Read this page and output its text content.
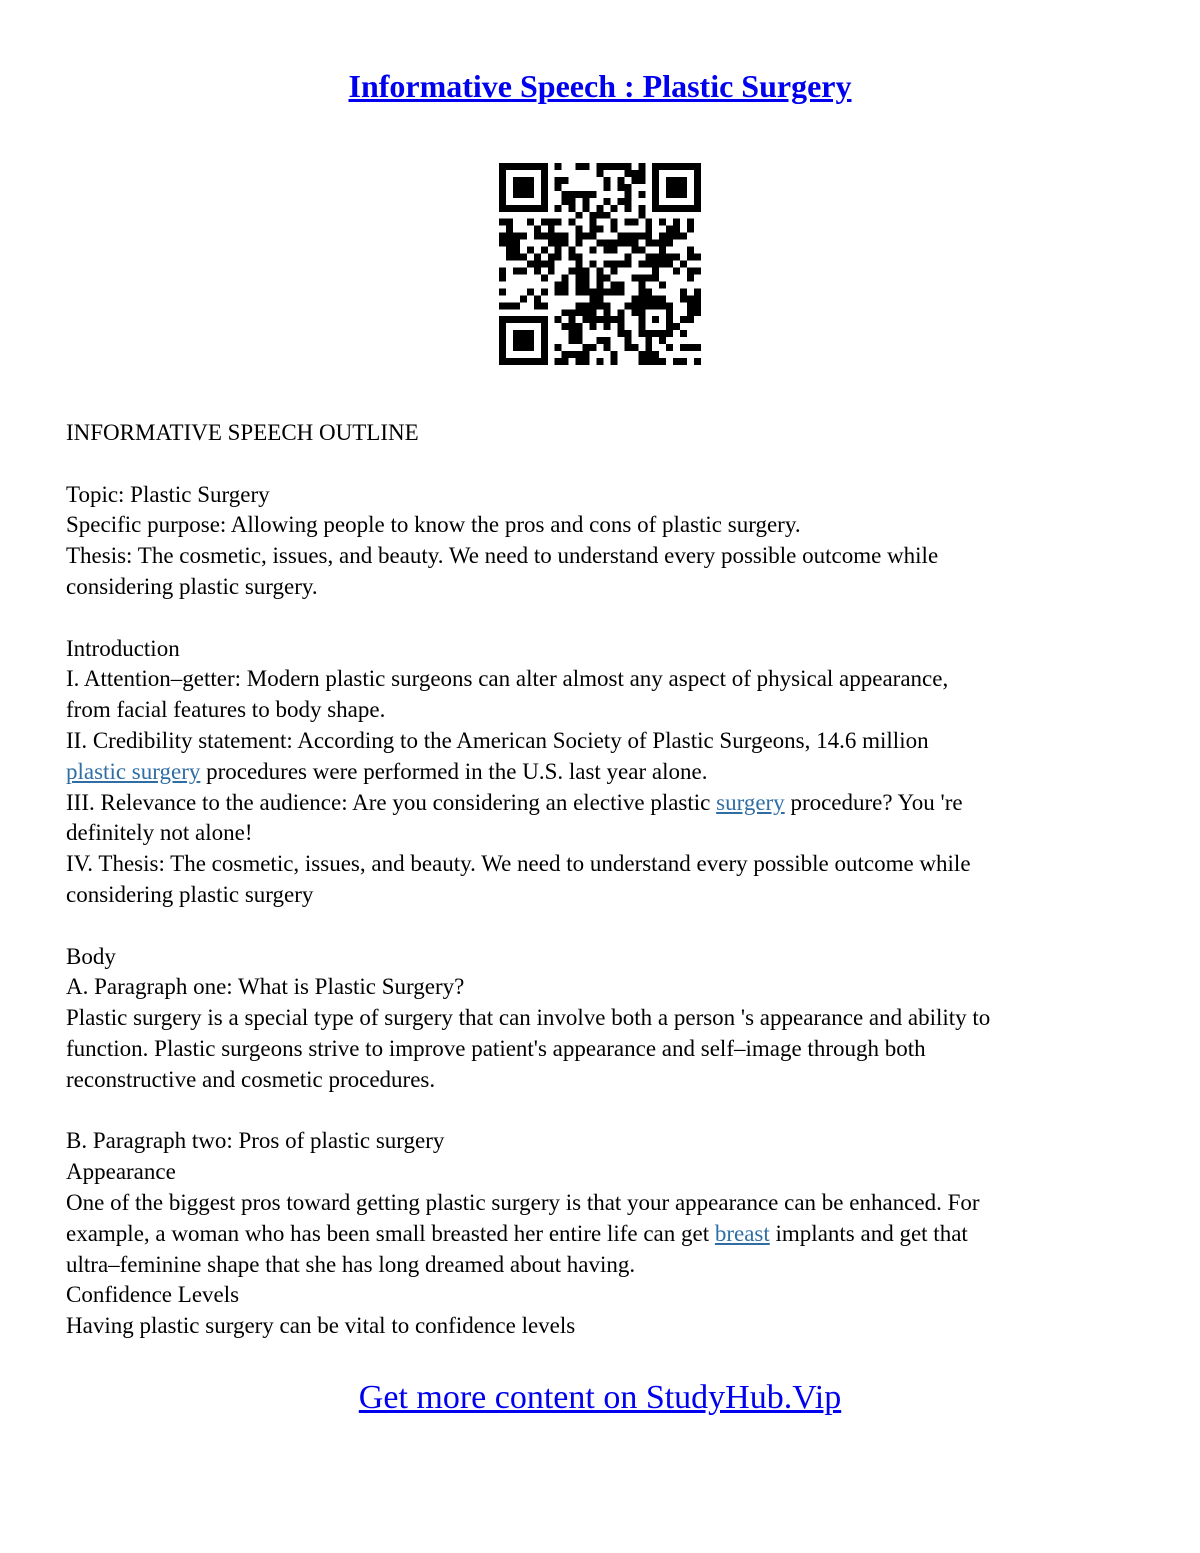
Informative Speech : Plastic Surgery
INFORMATIVE SPEECH OUTLINE
Topic: Plastic Surgery
Specific purpose: Allowing people to know the pros and cons of plastic surgery.
Thesis: The cosmetic, issues, and beauty. We need to understand every possible outcome while
considering plastic surgery.
Introduction
I. Attention–getter: Modern plastic surgeons can alter almost any aspect of physical appearance,
from facial features to body shape.
II. Credibility statement: According to the American Society of Plastic Surgeons, 14.6 million
plastic surgery procedures were performed in the U.S. last year alone.
III. Relevance to the audience: Are you considering an elective plastic surgery procedure? You 're
definitely not alone!
IV. Thesis: The cosmetic, issues, and beauty. We need to understand every possible outcome while
considering plastic surgery
Body
A. Paragraph one: What is Plastic Surgery?
Plastic surgery is a special type of surgery that can involve both a person 's appearance and ability to
function. Plastic surgeons strive to improve patient's appearance and self–image through both
reconstructive and cosmetic procedures.
B. Paragraph two: Pros of plastic surgery
Appearance
One of the biggest pros toward getting plastic surgery is that your appearance can be enhanced. For
example, a woman who has been small breasted her entire life can get breast implants and get that
ultra–feminine shape that she has long dreamed about having.
Confidence Levels
Having plastic surgery can be vital to confidence levels
Get more content on StudyHub.Vip
